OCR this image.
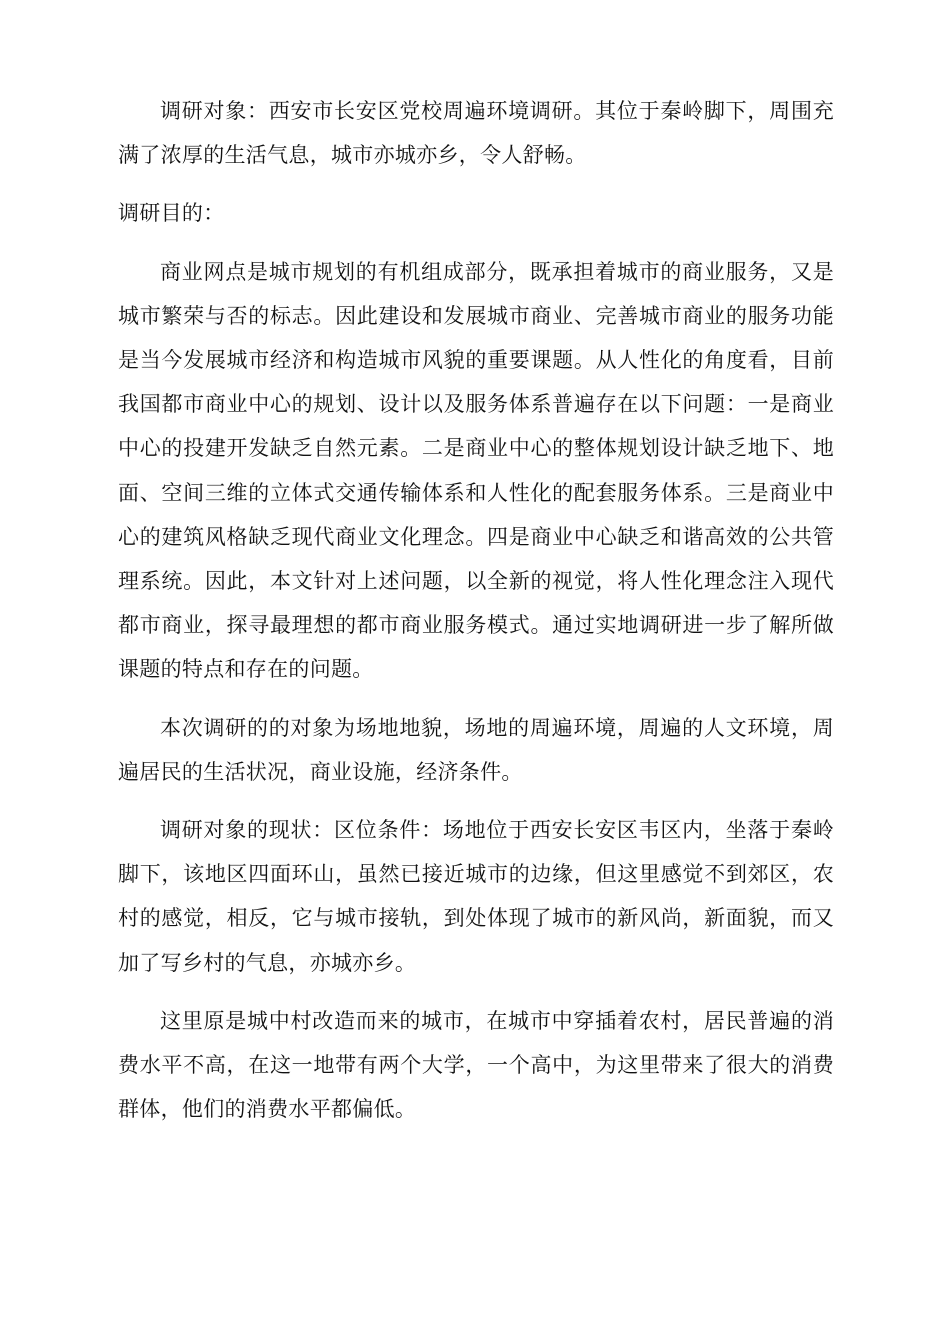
调研对象：西安市长安区党校周遍环境调研。其位于秦岭脚下，周围充满了浓厚的生活气息，城市亦城亦乡，令人舒畅。

调研目的：

商业网点是城市规划的有机组成部分，既承担着城市的商业服务，又是城市繁荣与否的标志。因此建设和发展城市商业、完善城市商业的服务功能是当今发展城市经济和构造城市风貌的重要课题。从人性化的角度看，目前我国都市商业中心的规划、设计以及服务体系普遍存在以下问题：一是商业中心的投建开发缺乏自然元素。二是商业中心的整体规划设计缺乏地下、地面、空间三维的立体式交通传输体系和人性化的配套服务体系。三是商业中心的建筑风格缺乏现代商业文化理念。四是商业中心缺乏和谐高效的公共管理系统。因此，本文针对上述问题，以全新的视觉，将人性化理念注入现代都市商业，探寻最理想的都市商业服务模式。通过实地调研进一步了解所做课题的特点和存在的问题。

本次调研的的对象为场地地貌，场地的周遍环境，周遍的人文环境，周遍居民的生活状况，商业设施，经济条件。

调研对象的现状：区位条件：场地位于西安长安区韦区内，坐落于秦岭脚下，该地区四面环山，虽然已接近城市的边缘，但这里感觉不到郊区，农村的感觉，相反，它与城市接轨，到处体现了城市的新风尚，新面貌，而又加了写乡村的气息，亦城亦乡。

这里原是城中村改造而来的城市，在城市中穿插着农村，居民普遍的消费水平不高，在这一地带有两个大学，一个高中，为这里带来了很大的消费群体，他们的消费水平都偏低。
